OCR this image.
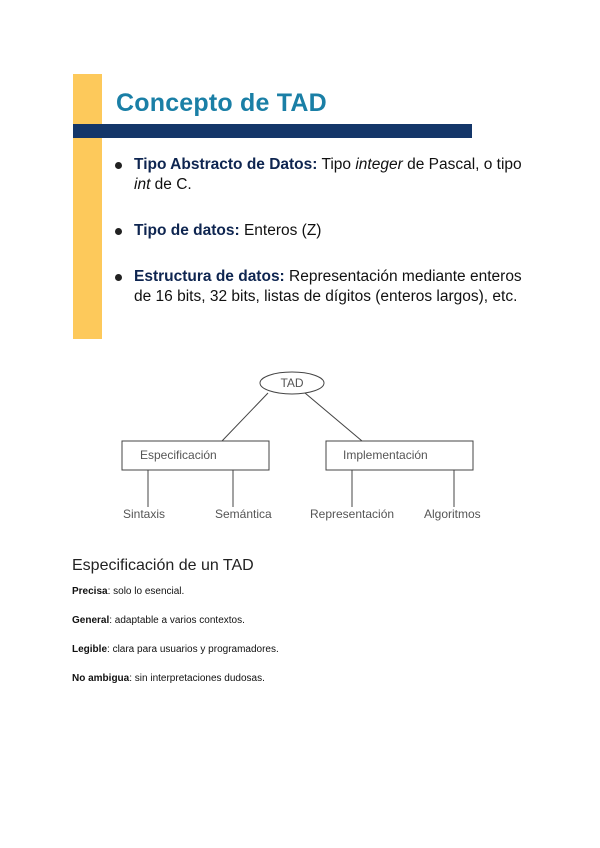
Concepto de TAD
Tipo Abstracto de Datos: Tipo integer de Pascal, o tipo int de C.
Tipo de datos: Enteros (Z)
Estructura de datos: Representación mediante enteros de 16 bits, 32 bits, listas de dígitos (enteros largos), etc.
TAD
Especificación	Implementación
Sintaxis	Semántica	Representación Algoritmos
Especificación de un TAD
Precisa: solo lo esencial.
General: adaptable a varios contextos.
Legible: clara para usuarios y programadores.
No ambigua: sin interpretaciones dudosas.
